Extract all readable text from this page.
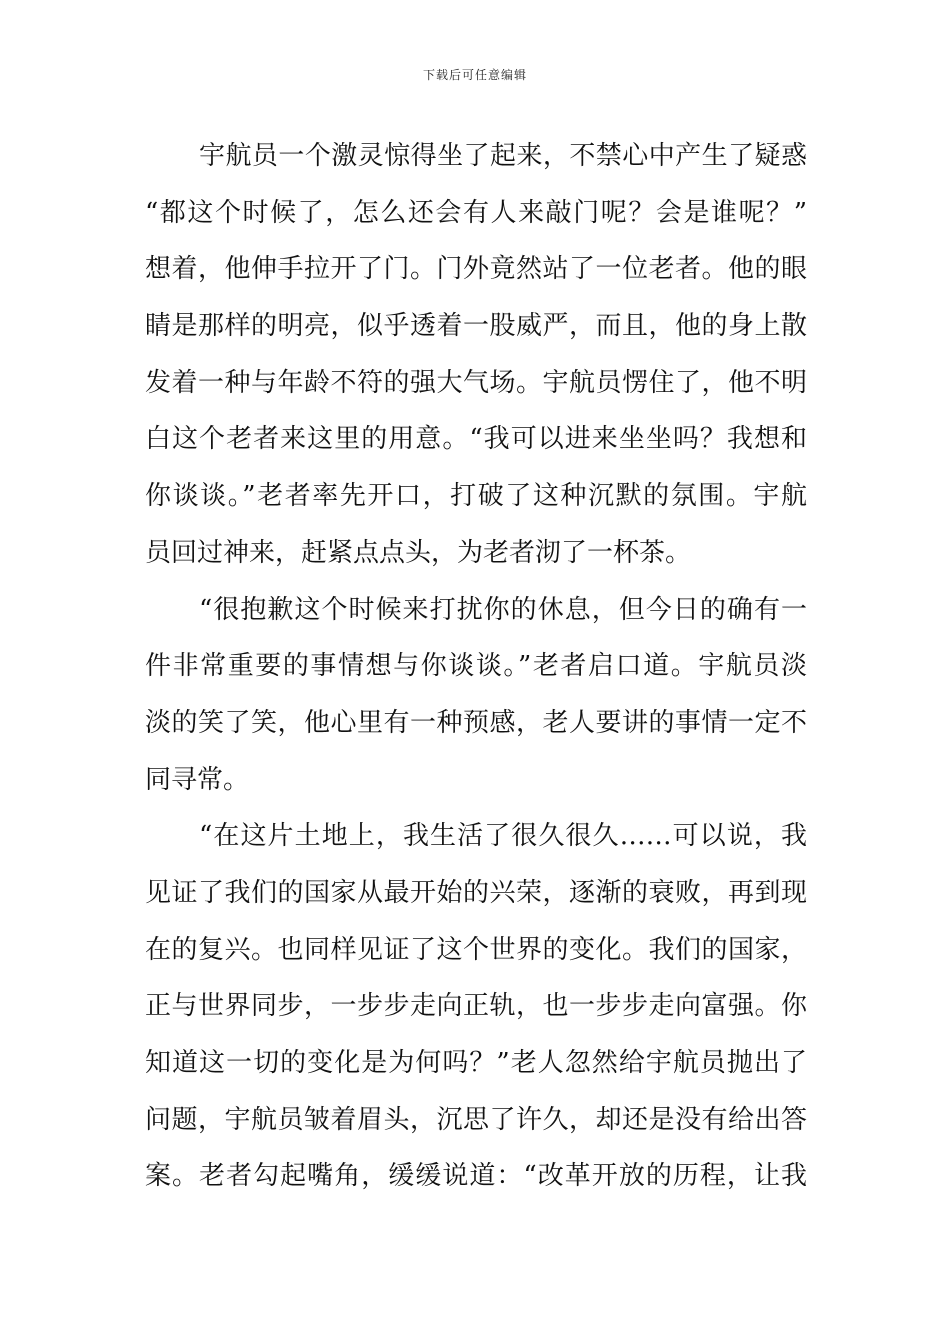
下载后可任意编辑
宇航员一个激灵惊得坐了起来，不禁心中产生了疑惑
“都这个时候了，怎么还会有人来敲门呢？会是谁呢？”
想着，他伸手拉开了门。门外竟然站了一位老者。他的眼
睛是那样的明亮，似乎透着一股威严，而且，他的身上散
发着一种与年龄不符的强大气场。宇航员愣住了，他不明
白这个老者来这里的用意。“我可以进来坐坐吗？我想和
你谈谈。”老者率先开口，打破了这种沉默的氛围。宇航
员回过神来，赶紧点点头，为老者沏了一杯茶。
“很抱歉这个时候来打扰你的休息，但今日的确有一
件非常重要的事情想与你谈谈。”老者启口道。宇航员淡
淡的笑了笑，他心里有一种预感，老人要讲的事情一定不
同寻常。
“在这片土地上，我生活了很久很久……可以说，我
见证了我们的国家从最开始的兴荣，逐渐的衰败，再到现
在的复兴。也同样见证了这个世界的变化。我们的国家，
正与世界同步，一步步走向正轨，也一步步走向富强。你
知道这一切的变化是为何吗？”老人忽然给宇航员抛出了
问题，宇航员皱着眉头，沉思了许久，却还是没有给出答
案。老者勾起嘴角，缓缓说道：“改革开放的历程，让我
